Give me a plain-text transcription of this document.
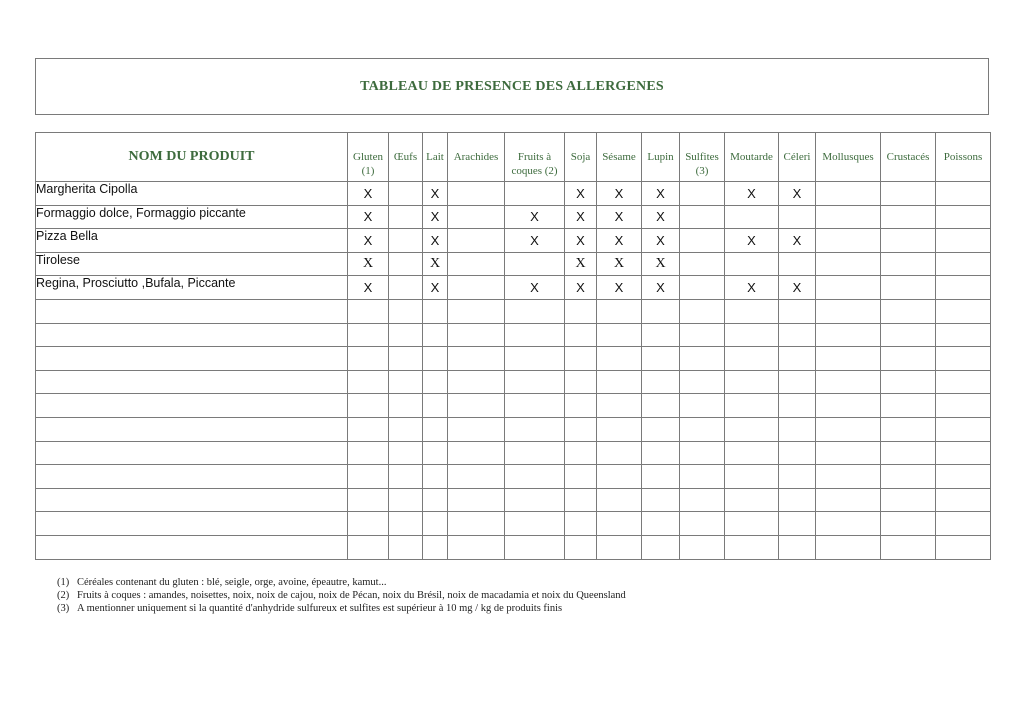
TABLEAU DE PRESENCE DES ALLERGENES
NOM DU PRODUIT	Gluten (1)	Œufs	Lait	Arachides	Fruits à coques (2)	Soja	Sésame	Lupin	Sulfites (3)	Moutarde	Céleri	Mollusques	Crustacés	Poissons
Margherita Cipolla	X		X			X	X	X		X	X			
Formaggio dolce, Formaggio piccante	X		X		X	X	X	X						
Pizza Bella	X		X		X	X	X	X		X	X			
Tirolese	X		X			X	X	X						
Regina, Prosciutto ,Bufala, Piccante	X		X		X	X	X	X		X	X			

(1) Céréales contenant du gluten : blé, seigle, orge, avoine, épeautre, kamut...
(2) Fruits à coques : amandes, noisettes, noix, noix de cajou, noix de Pécan, noix du Brésil, noix de macadamia et noix du Queensland
(3) A mentionner uniquement si la quantité d'anhydride sulfureux et sulfites est supérieur à 10 mg / kg de produits finis
